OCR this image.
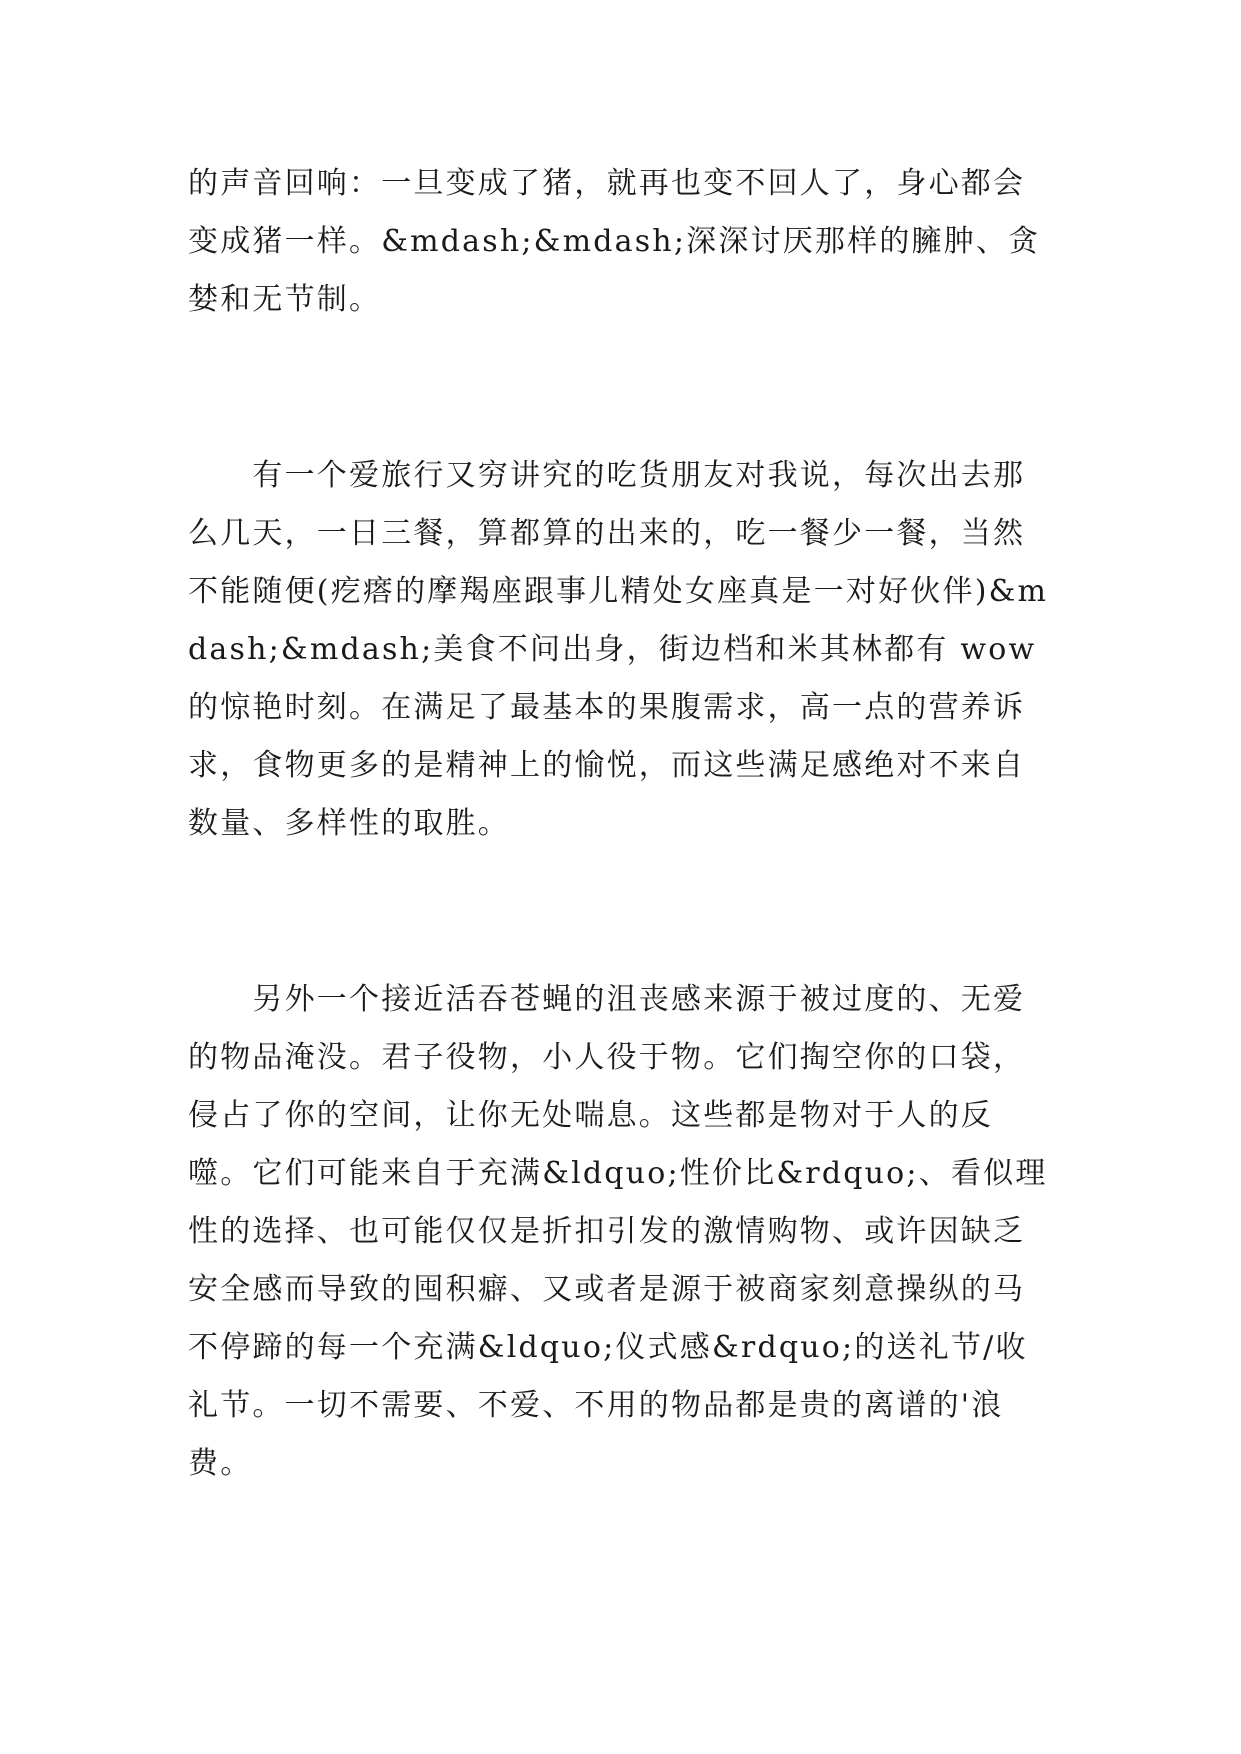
的声音回响：一旦变成了猪，就再也变不回人了，身心都会变成猪一样。&mdash;&mdash;深深讨厌那样的臃肿、贪婪和无节制。

　　有一个爱旅行又穷讲究的吃货朋友对我说，每次出去那么几天，一日三餐，算都算的出来的，吃一餐少一餐，当然不能随便(疙瘩的摩羯座跟事儿精处女座真是一对好伙伴)&mdash;&mdash;美食不问出身，街边档和米其林都有 wow 的惊艳时刻。在满足了最基本的果腹需求，高一点的营养诉求，食物更多的是精神上的愉悦，而这些满足感绝对不来自数量、多样性的取胜。

　　另外一个接近活吞苍蝇的沮丧感来源于被过度的、无爱的物品淹没。君子役物，小人役于物。它们掏空你的口袋，侵占了你的空间，让你无处喘息。这些都是物对于人的反噬。它们可能来自于充满&ldquo;性价比&rdquo;、看似理性的选择、也可能仅仅是折扣引发的激情购物、或许因缺乏安全感而导致的囤积癖、又或者是源于被商家刻意操纵的马不停蹄的每一个充满&ldquo;仪式感&rdquo;的送礼节/收礼节。一切不需要、不爱、不用的物品都是贵的离谱的'浪费。
